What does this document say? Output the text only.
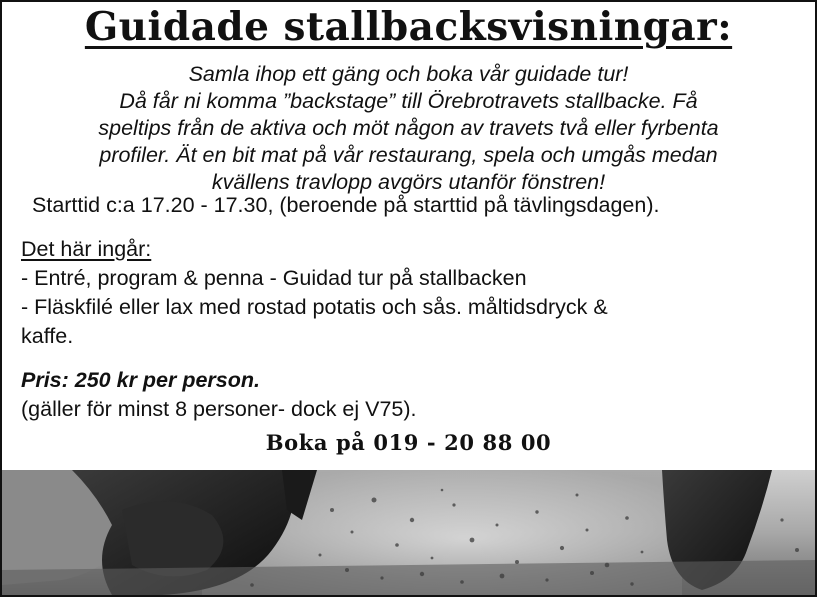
Guidade stallbacksvisningar:
Samla ihop ett gäng och boka vår guidade tur!
Då får ni komma ”backstage” till Örebrotravets stallbacke. Få
speltips från de aktiva och möt någon av travets två eller fyrbenta
profiler. Ät en bit mat på vår restaurang, spela och umgås medan
kvällens travlopp avgörs utanför fönstren!
Starttid c:a 17.20 - 17.30, (beroende på starttid på tävlingsdagen).
Det här ingår:
- Entré, program & penna - Guidad tur på stallbacken
- Fläskfilé eller lax med rostad potatis och sås. måltidsdryck &
kaffe.
Pris: 250 kr per person.
(gäller för minst 8 personer- dock ej V75).
Boka på 019 - 20 88 00
